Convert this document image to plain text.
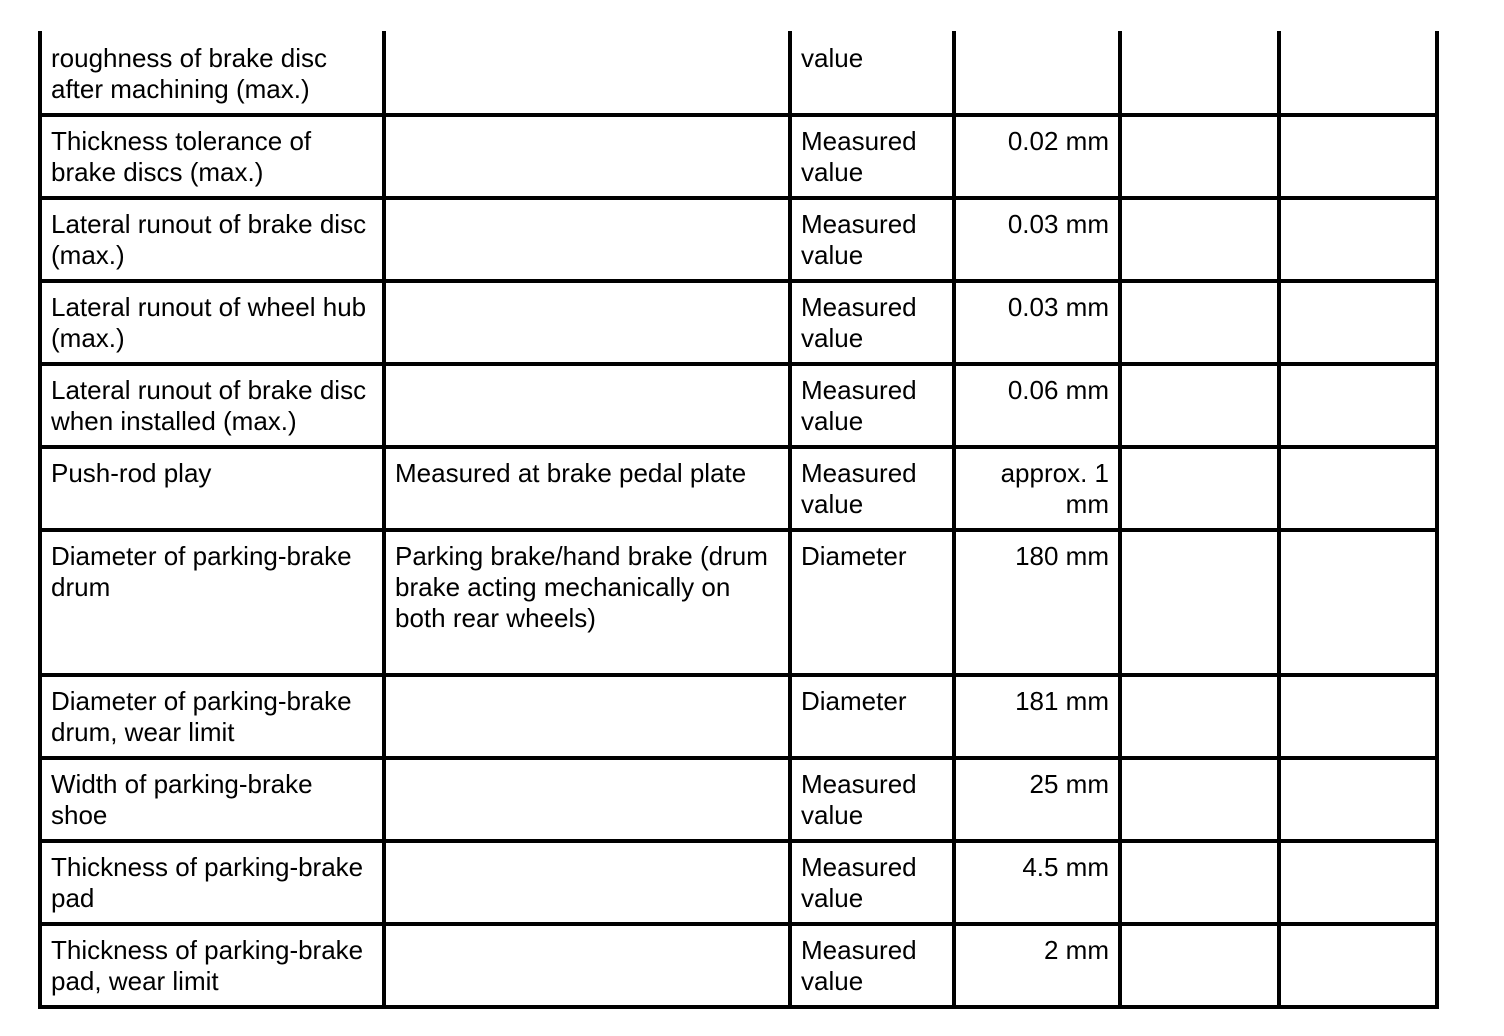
roughness of brake disc after machining (max.)		value			
Thickness tolerance of brake discs (max.)		Measured value	0.02 mm		
Lateral runout of brake disc (max.)		Measured value	0.03 mm		
Lateral runout of wheel hub (max.)		Measured value	0.03 mm		
Lateral runout of brake disc when installed (max.)		Measured value	0.06 mm		
Push-rod play	Measured at brake pedal plate	Measured value	approx. 1 mm		
Diameter of parking-brake drum	Parking brake/hand brake (drum brake acting mechanically on both rear wheels)	Diameter	180 mm		
Diameter of parking-brake drum, wear limit		Diameter	181 mm		
Width of parking-brake shoe		Measured value	25 mm		
Thickness of parking-brake pad		Measured value	4.5 mm		
Thickness of parking-brake pad, wear limit		Measured value	2 mm		
